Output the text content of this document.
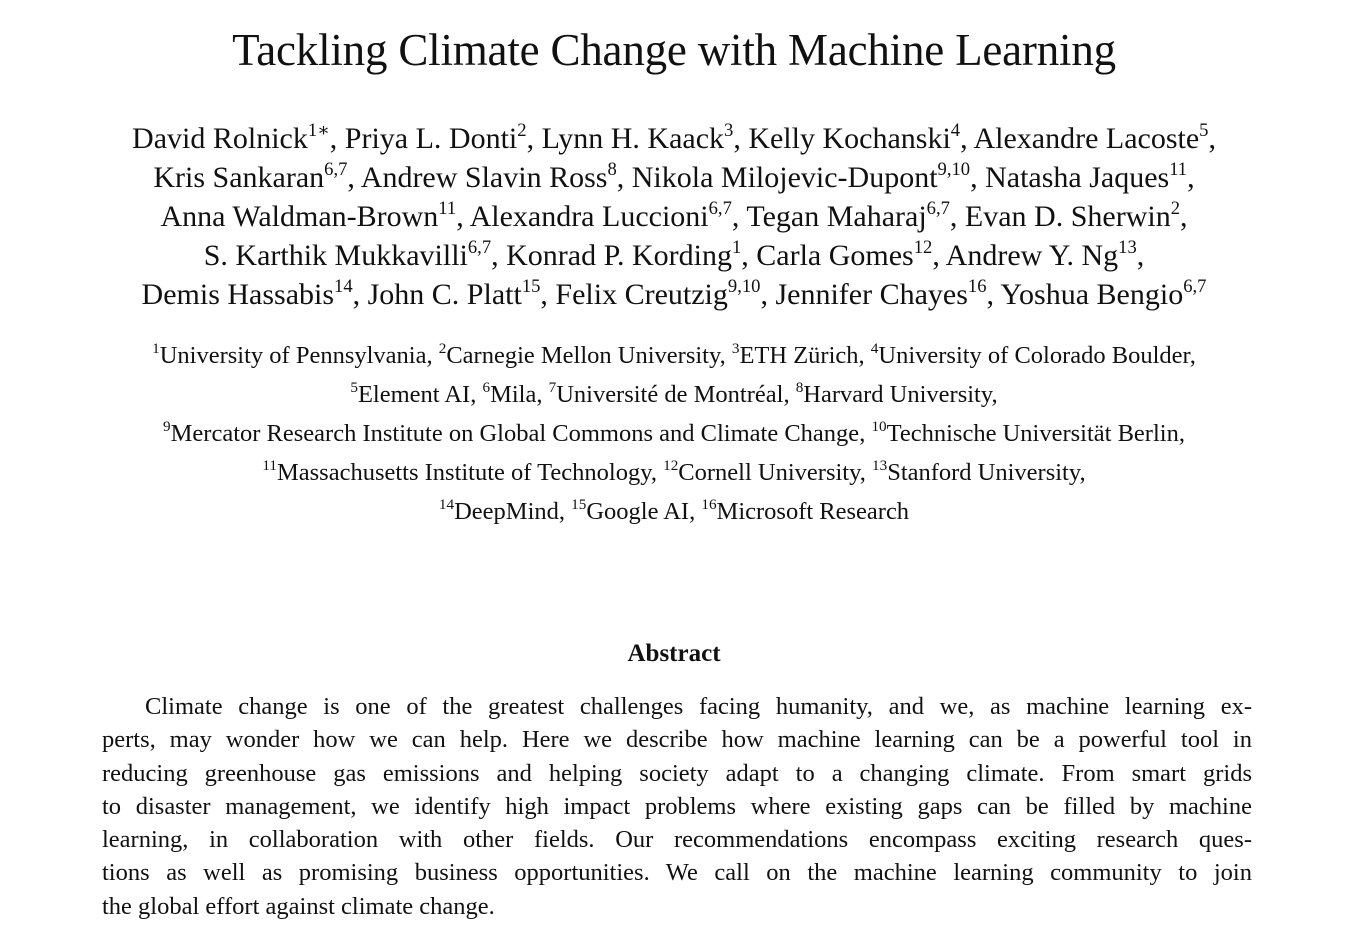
Tackling Climate Change with Machine Learning
David Rolnick$^{1∗}$, Priya L. Donti$^2$, Lynn H. Kaack$^3$, Kelly Kochanski$^4$, Alexandre Lacoste$^5$,
Kris Sankaran$^{6,7}$, Andrew Slavin Ross$^8$, Nikola Milojevic-Dupont$^{9,10}$, Natasha Jaques$^{11}$,
Anna Waldman-Brown$^{11}$, Alexandra Luccioni$^{6,7}$, Tegan Maharaj$^{6,7}$, Evan D. Sherwin$^2$,
S. Karthik Mukkavilli$^{6,7}$, Konrad P. Kording$^1$, Carla Gomes$^{12}$, Andrew Y. Ng$^{13}$,
Demis Hassabis$^{14}$, John C. Platt$^{15}$, Felix Creutzig$^{9,10}$, Jennifer Chayes$^{16}$, Yoshua Bengio$^{6,7}$
$^1$University of Pennsylvania, $^2$Carnegie Mellon University, $^3$ETH Zürich, $^4$University of Colorado Boulder,
$^5$Element AI, $^6$Mila, $^7$Université de Montréal, $^8$Harvard University,
$^9$Mercator Research Institute on Global Commons and Climate Change, $^{10}$Technische Universität Berlin,
$^{11}$Massachusetts Institute of Technology, $^{12}$Cornell University, $^{13}$Stanford University,
$^{14}$DeepMind, $^{15}$Google AI, $^{16}$Microsoft Research
Abstract
Climate change is one of the greatest challenges facing humanity, and we, as machine learning ex-
perts, may wonder how we can help. Here we describe how machine learning can be a powerful tool in
reducing greenhouse gas emissions and helping society adapt to a changing climate. From smart grids
to disaster management, we identify high impact problems where existing gaps can be filled by machine
learning, in collaboration with other fields. Our recommendations encompass exciting research ques-
tions as well as promising business opportunities. We call on the machine learning community to join
the global effort against climate change.
